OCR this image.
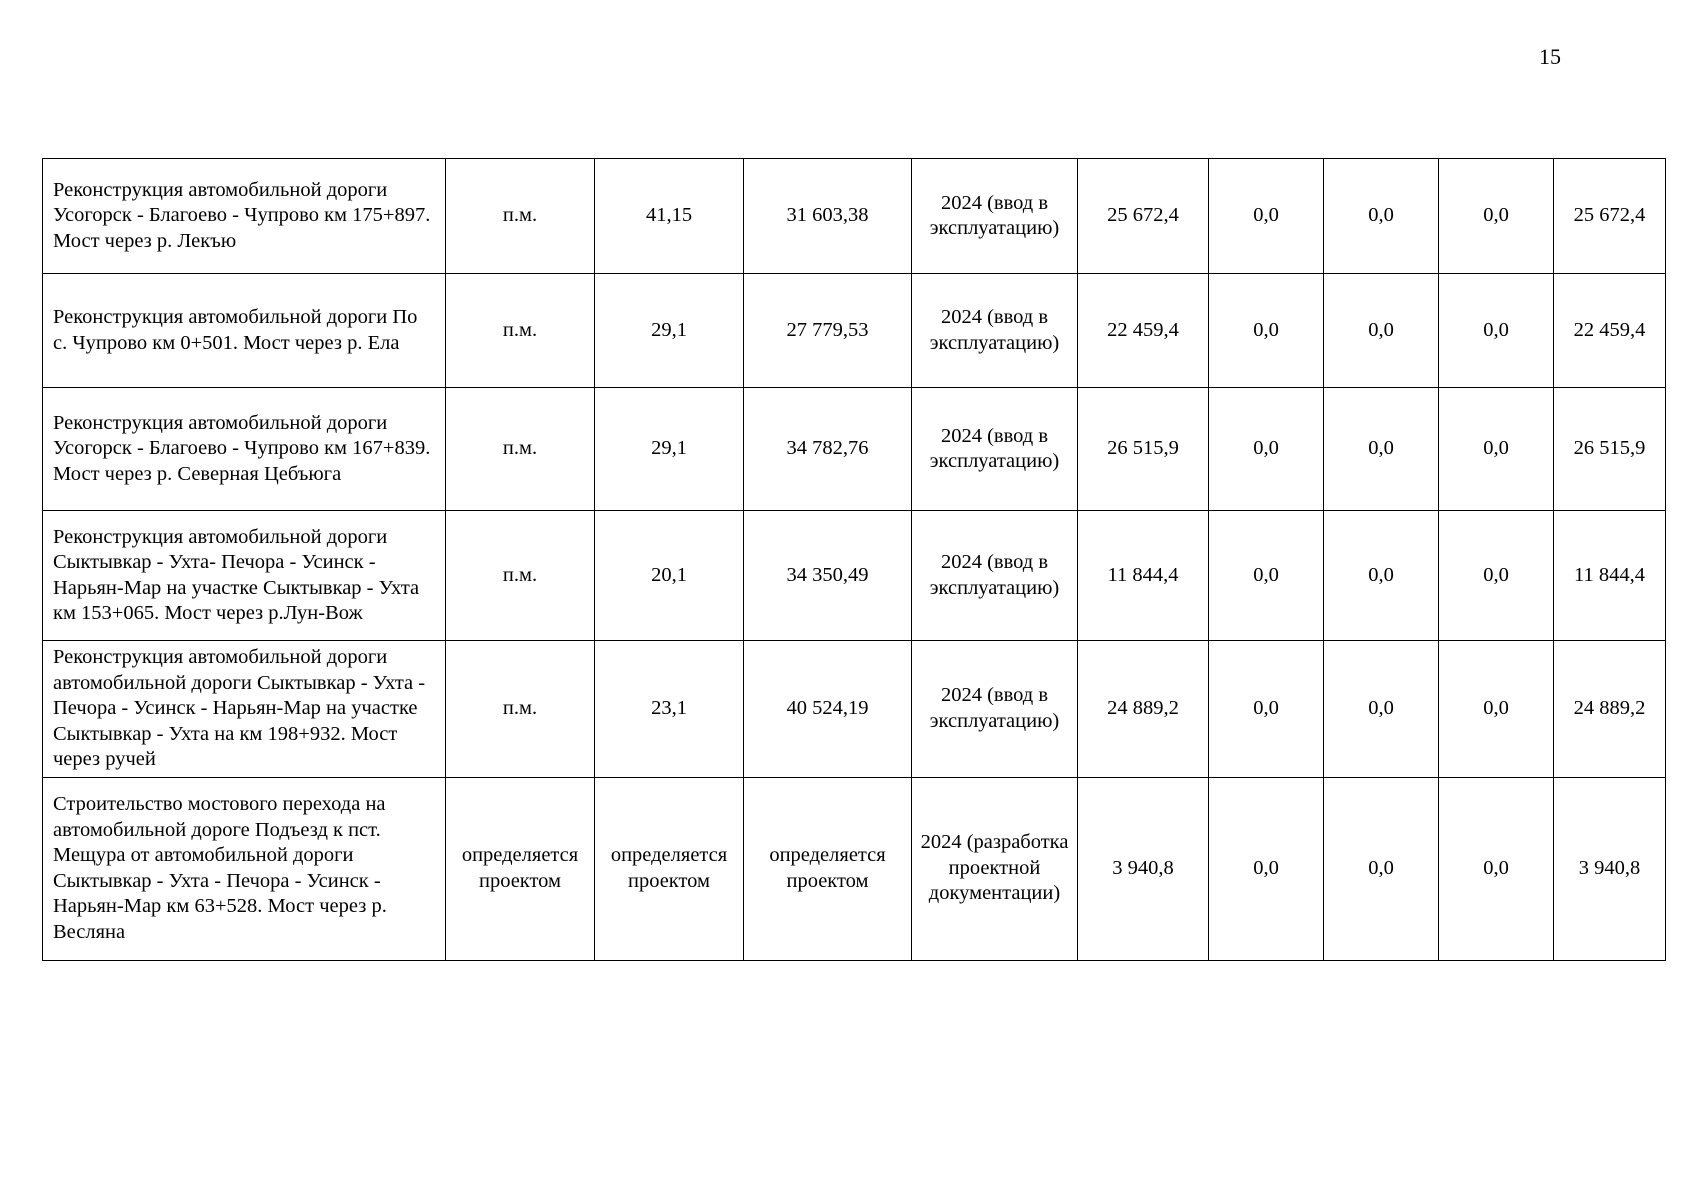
15
Реконструкция автомобильной дороги Усогорск - Благоево - Чупрово км 175+897. Мост через р. Лекъю	п.м.	41,15	31 603,38	2024 (ввод в эксплуатацию)	25 672,4	0,0	0,0	0,0	25 672,4
Реконструкция автомобильной дороги По с. Чупрово км 0+501. Мост через р. Ела	п.м.	29,1	27 779,53	2024 (ввод в эксплуатацию)	22 459,4	0,0	0,0	0,0	22 459,4
Реконструкция автомобильной дороги Усогорск - Благоево - Чупрово км 167+839. Мост через р. Северная Цебъюга	п.м.	29,1	34 782,76	2024 (ввод в эксплуатацию)	26 515,9	0,0	0,0	0,0	26 515,9
Реконструкция автомобильной дороги Сыктывкар - Ухта- Печора - Усинск - Нарьян-Мар на участке Сыктывкар - Ухта км 153+065. Мост через р.Лун-Вож	п.м.	20,1	34 350,49	2024 (ввод в эксплуатацию)	11 844,4	0,0	0,0	0,0	11 844,4
Реконструкция автомобильной дороги автомобильной дороги Сыктывкар - Ухта - Печора - Усинск - Нарьян-Мар на участке Сыктывкар - Ухта на км 198+932. Мост через ручей	п.м.	23,1	40 524,19	2024 (ввод в эксплуатацию)	24 889,2	0,0	0,0	0,0	24 889,2
Строительство мостового перехода на автомобильной дороге Подъезд к пст. Мещура от автомобильной дороги Сыктывкар - Ухта - Печора - Усинск - Нарьян-Мар км 63+528. Мост через р. Весляна	определяется проектом	определяется проектом	определяется проектом	2024 (разработка проектной документации)	3 940,8	0,0	0,0	0,0	3 940,8
